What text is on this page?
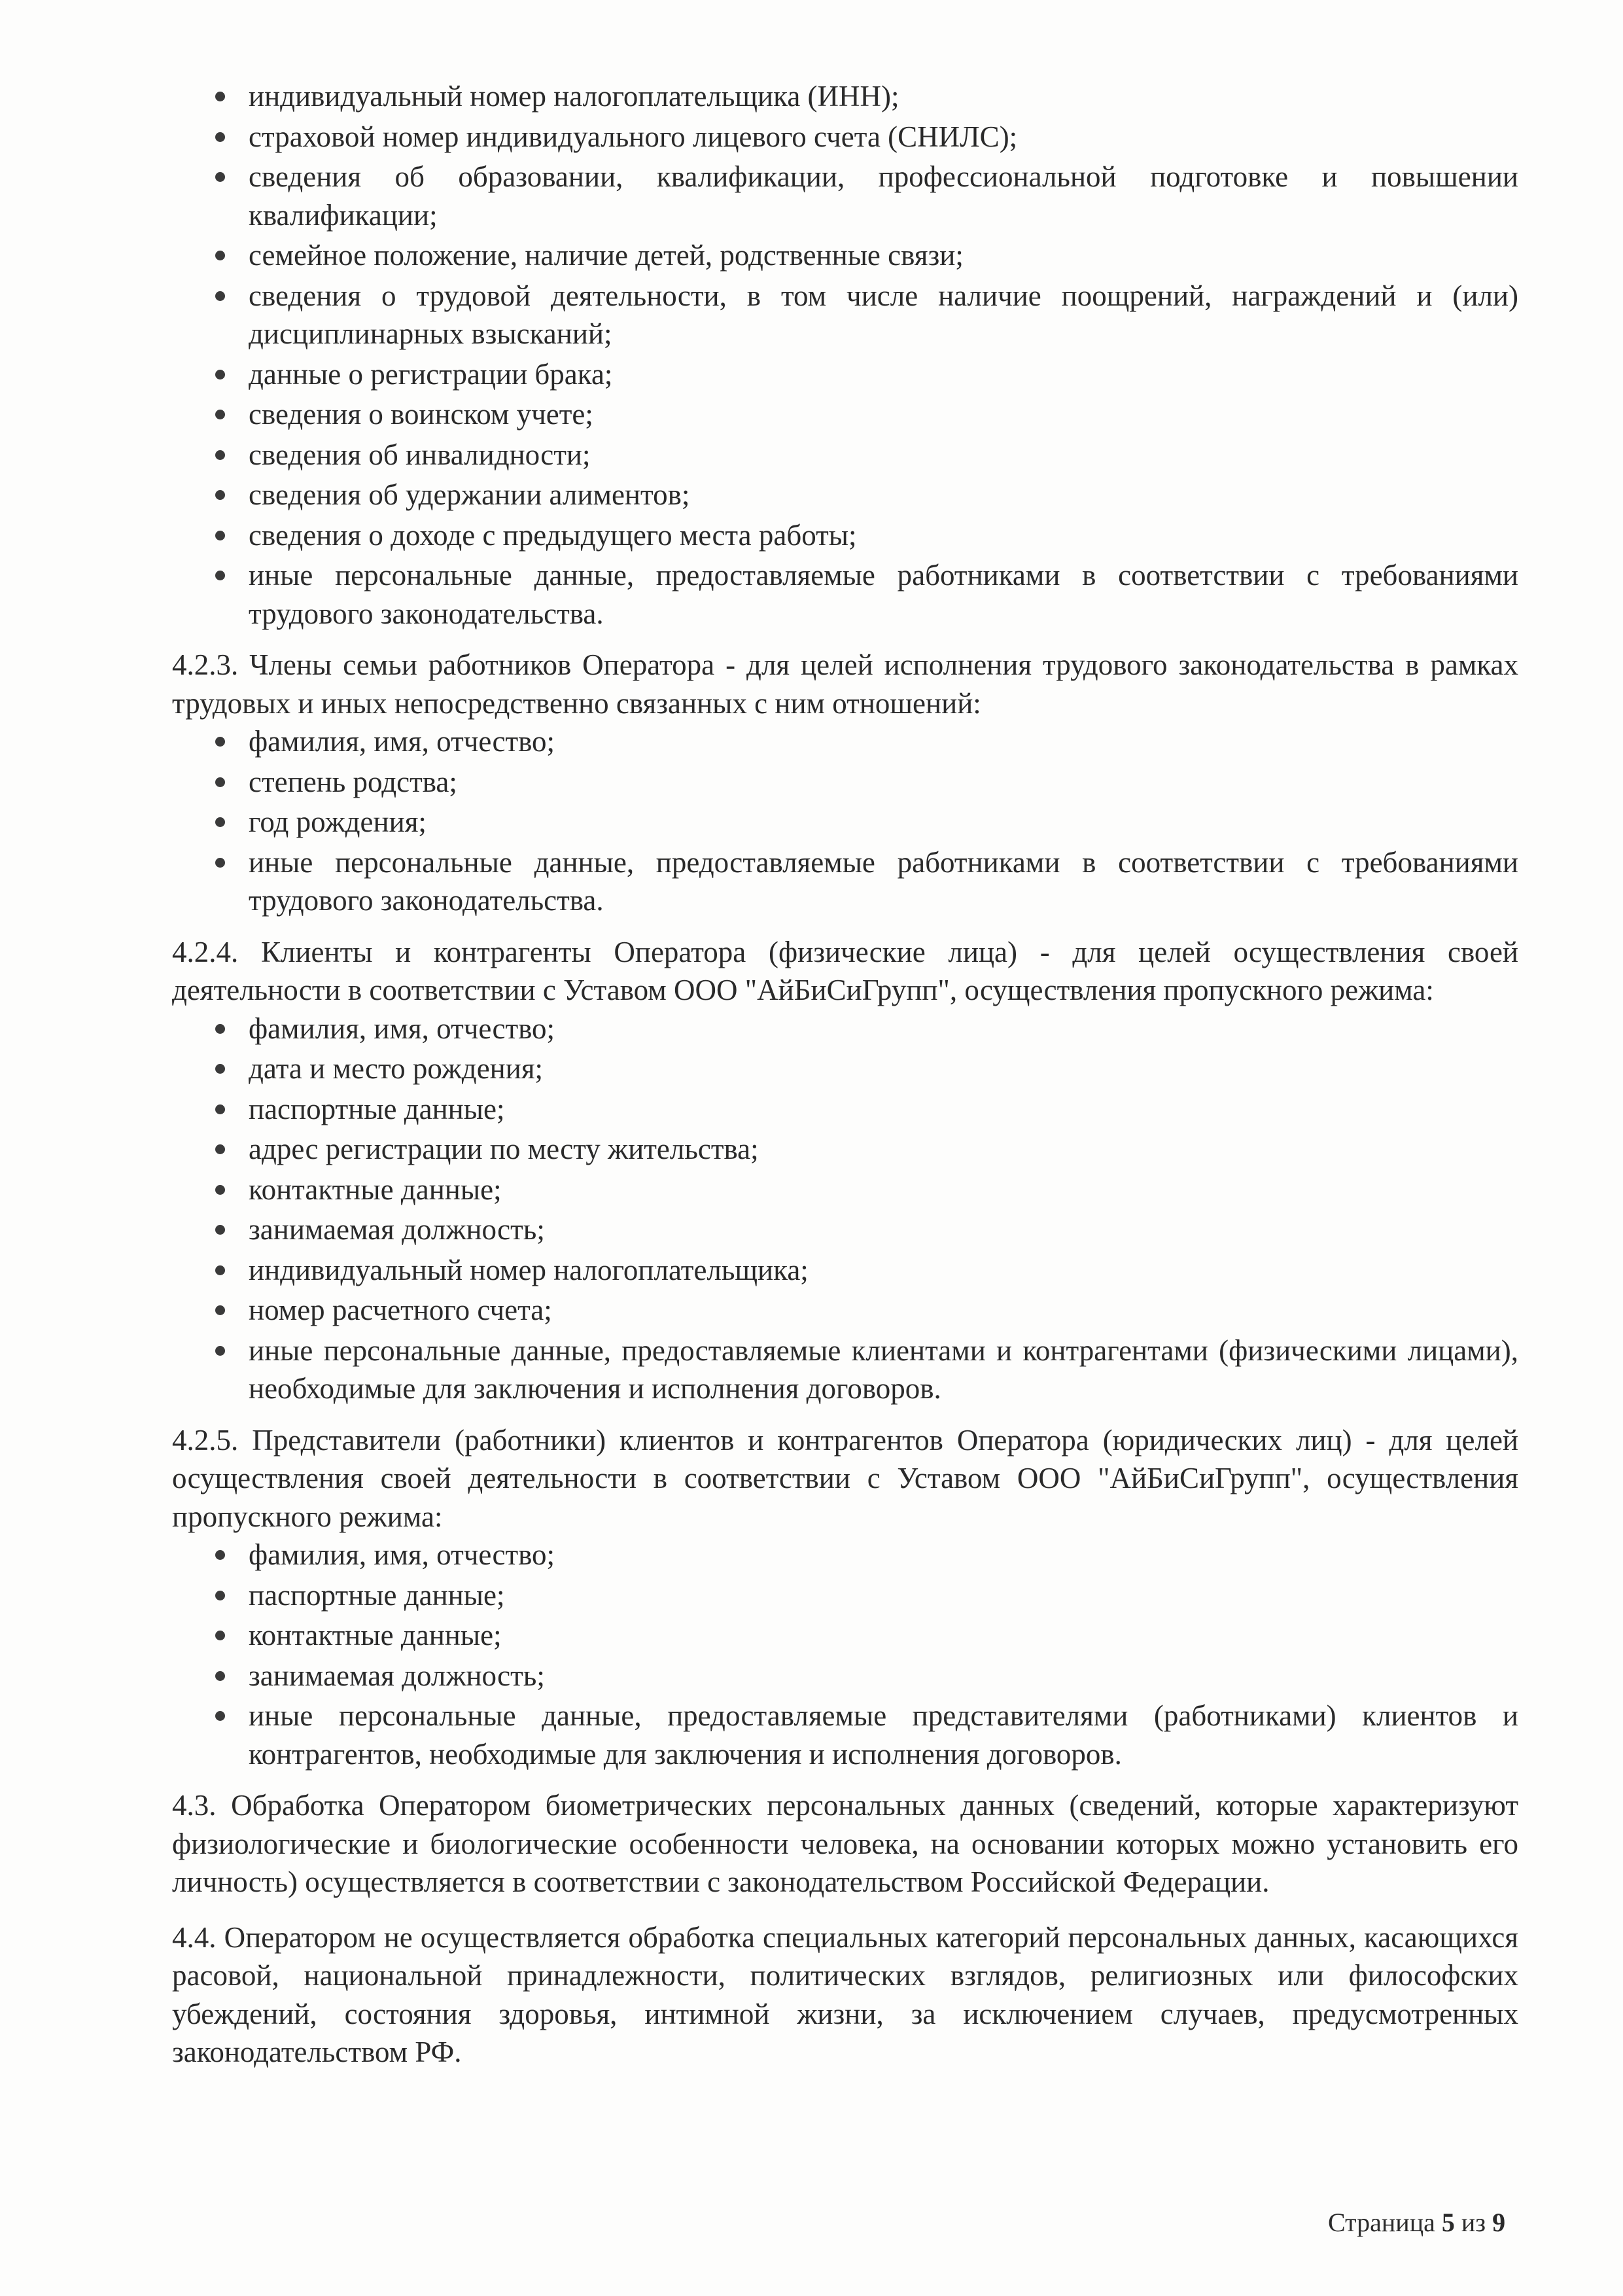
индивидуальный номер налогоплательщика (ИНН);
страховой номер индивидуального лицевого счета (СНИЛС);
сведения об образовании, квалификации, профессиональной подготовке и повышении квалификации;
семейное положение, наличие детей, родственные связи;
сведения о трудовой деятельности, в том числе наличие поощрений, награждений и (или) дисциплинарных взысканий;
данные о регистрации брака;
сведения о воинском учете;
сведения об инвалидности;
сведения об удержании алиментов;
сведения о доходе с предыдущего места работы;
иные персональные данные, предоставляемые работниками в соответствии с требованиями трудового законодательства.

4.2.3. Члены семьи работников Оператора - для целей исполнения трудового законодательства в рамках трудовых и иных непосредственно связанных с ним отношений:

фамилия, имя, отчество;
степень родства;
год рождения;
иные персональные данные, предоставляемые работниками в соответствии с требованиями трудового законодательства.

4.2.4. Клиенты и контрагенты Оператора (физические лица) - для целей осуществления своей деятельности в соответствии с Уставом ООО "АйБиСиГрупп", осуществления пропускного режима:

фамилия, имя, отчество;
дата и место рождения;
паспортные данные;
адрес регистрации по месту жительства;
контактные данные;
занимаемая должность;
индивидуальный номер налогоплательщика;
номер расчетного счета;
иные персональные данные, предоставляемые клиентами и контрагентами (физическими лицами), необходимые для заключения и исполнения договоров.

4.2.5. Представители (работники) клиентов и контрагентов Оператора (юридических лиц) - для целей осуществления своей деятельности в соответствии с Уставом ООО "АйБиСиГрупп", осуществления пропускного режима:

фамилия, имя, отчество;
паспортные данные;
контактные данные;
занимаемая должность;
иные персональные данные, предоставляемые представителями (работниками) клиентов и контрагентов, необходимые для заключения и исполнения договоров.

4.3. Обработка Оператором биометрических персональных данных (сведений, которые характеризуют физиологические и биологические особенности человека, на основании которых можно установить его личность) осуществляется в соответствии с законодательством Российской Федерации.

4.4. Оператором не осуществляется обработка специальных категорий персональных данных, касающихся расовой, национальной принадлежности, политических взглядов, религиозных или философских убеждений, состояния здоровья, интимной жизни, за исключением случаев, предусмотренных законодательством РФ.

Страница 5 из 9
